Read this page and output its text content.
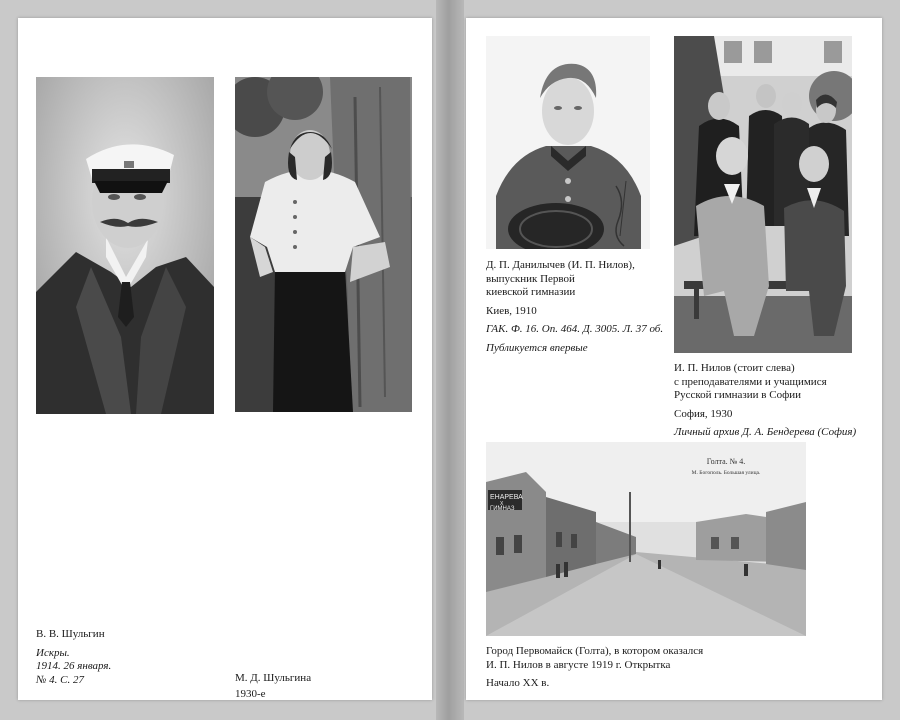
В. В. Шульгин
Искры.
1914. 26 января.
№ 4. С. 27	М. Д. Шульгина
1930-е
Д. П. Данилычев (И. П. Нилов),
выпускник Первой
киевской гимназии
Киев, 1910
ГАК. Ф. 16. Оп. 464. Д. 3005. Л. 37 об.
Публикуется впервые
И. П. Нилов (стоит слева)
с преподавателями и учащимися
Русской гимназии в Софии
София, 1930
Личный архив Д. А. Бендерева (София)
ЕНАРЕВА
Х
ГИМНАЗ
Голта. № 4.
М. Богополь. Большая улица.
Город Первомайск (Голта), в котором оказался
И. П. Нилов в августе 1919 г. Открытка
Начало XX в.
